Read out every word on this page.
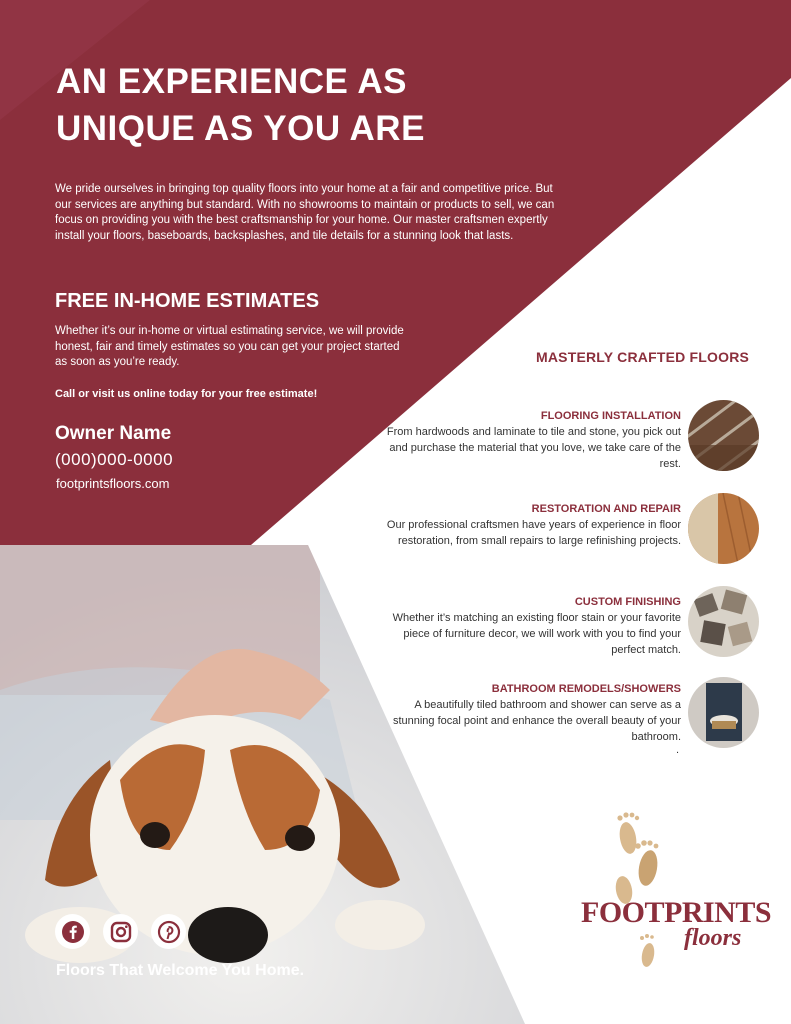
AN EXPERIENCE AS
UNIQUE AS YOU ARE

We pride ourselves in bringing top quality floors into your home at a fair and competitive price. But our services are anything but standard. With no showrooms to maintain or products to sell, we can focus on providing you with the best craftsmanship for your home. Our master craftsmen expertly install your floors, baseboards, backsplashes, and tile details for a stunning look that lasts.

FREE IN-HOME ESTIMATES

Whether it’s our in-home or virtual estimating service, we will provide honest, fair and timely estimates so you can get your project started as soon as you’re ready.

Call or visit us online today for your free estimate!

Owner Name

(000)000-0000

footprintsfloors.com

MASTERLY CRAFTED FLOORS
FLOORING INSTALLATION

From hardwoods and laminate to tile and stone, you pick out and purchase the material that you love, we take care of the rest.

RESTORATION AND REPAIR

Our professional craftsmen have years of experience in floor restoration, from small repairs to large refinishing projects.

CUSTOM FINISHING

Whether it’s matching an existing floor stain or your favorite piece of furniture decor, we will work with you to find your perfect match.

BATHROOM REMODELS/SHOWERS

A beautifully tiled bathroom and shower can serve as a stunning focal point and enhance the overall beauty of your bathroom.

.

Floors That Welcome You Home.

FOOTPRINTS
floors
